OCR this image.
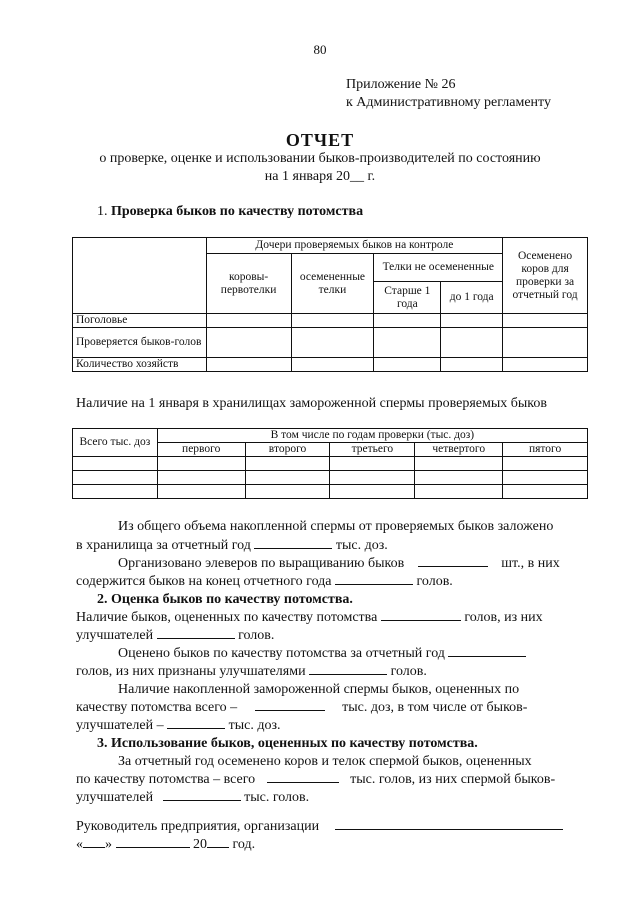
80
Приложение № 26
к Административному регламенту
ОТЧЕТ
о проверке, оценке и использовании быков-производителей по состоянию
на 1 января 20__ г.
1. Проверка быков по качеству потомства
	Дочери проверяемых быков на контроле				Осеменено коров для проверки за отчетный год
	коровы-первотелки	осемененные телки	Телки не осемененные		
			Старше 1 года	до 1 года	
Поголовье					
Проверяется быков-голов					
Количество хозяйств					
Наличие на 1 января в хранилищах замороженной спермы проверяемых быков
Всего тыс. доз	В том числе по годам проверки (тыс. доз)				
	первого	второго	третьего	четвертого	пятого

Из общего объема накопленной спермы от проверяемых быков заложено
в хранилища за отчетный год	тыс. доз.
Организовано элеверов по выращиванию быков	шт., в них
содержится быков на конец отчетного года	голов.
2. Оценка быков по качеству потомства.
Наличие быков, оцененных по качеству потомства	голов, из них
улучшателей	голов.
Оценено быков по качеству потомства за отчетный год
голов, из них признаны улучшателями	голов.
Наличие накопленной замороженной спермы быков, оцененных по
качеству потомства всего –	тыс. доз, в том числе от быков-
улучшателей –	тыс. доз.
3. Использование быков, оцененных по качеству потомства.
За отчетный год осеменено коров и телок спермой быков, оцененных
по качеству потомства – всего	тыс. голов, из них спермой быков-
улучшателей	тыс. голов.
Руководитель предприятия, организации
« »	20 год.
